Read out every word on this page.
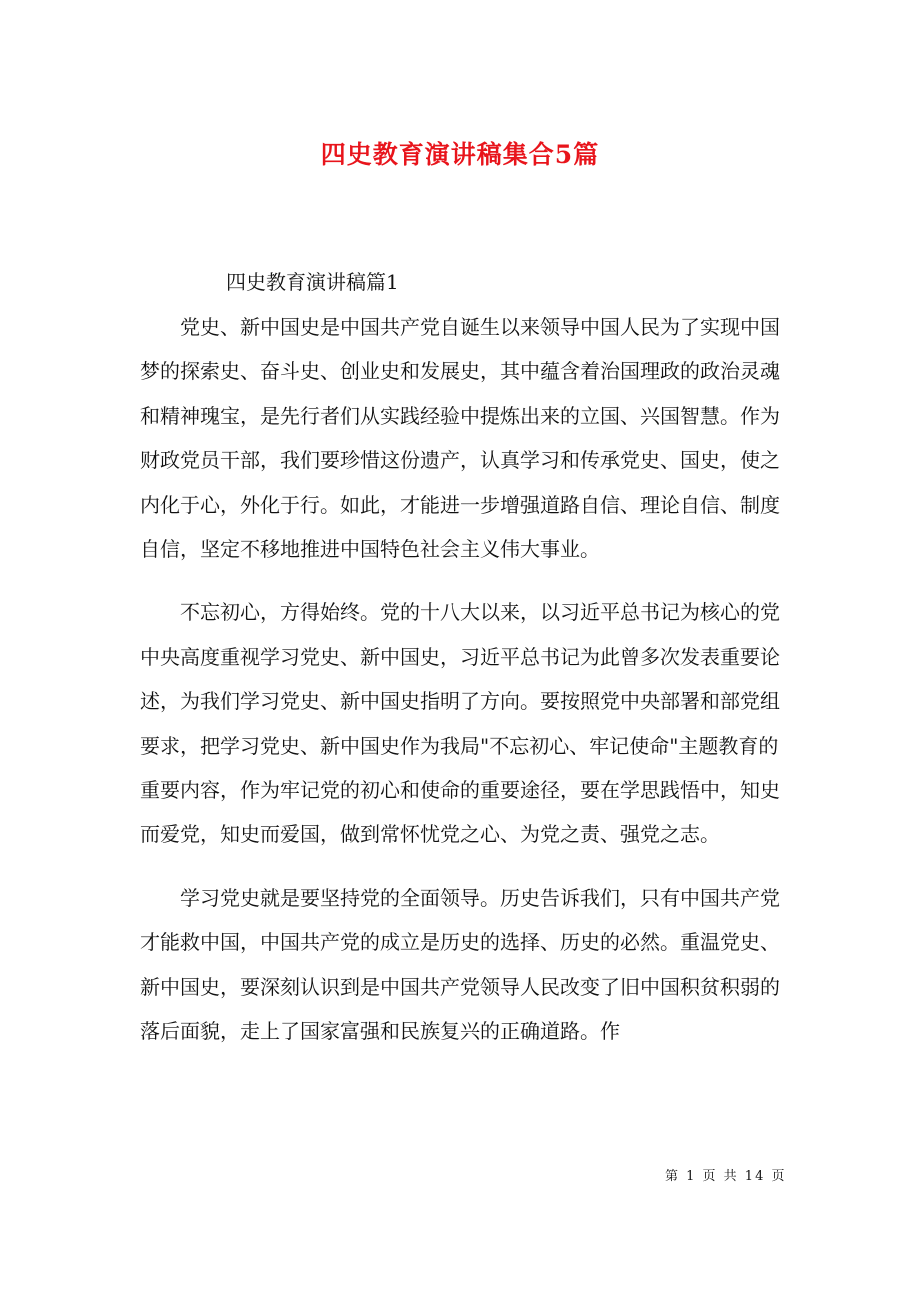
四史教育演讲稿集合5篇
四史教育演讲稿篇1

党史、新中国史是中国共产党自诞生以来领导中国人民为了实现中国梦的探索史、奋斗史、创业史和发展史，其中蕴含着治国理政的政治灵魂和精神瑰宝，是先行者们从实践经验中提炼出来的立国、兴国智慧。作为财政党员干部，我们要珍惜这份遗产，认真学习和传承党史、国史，使之内化于心，外化于行。如此，才能进一步增强道路自信、理论自信、制度自信，坚定不移地推进中国特色社会主义伟大事业。

不忘初心，方得始终。党的十八大以来，以习近平总书记为核心的党中央高度重视学习党史、新中国史，习近平总书记为此曾多次发表重要论述，为我们学习党史、新中国史指明了方向。要按照党中央部署和部党组要求，把学习党史、新中国史作为我局"不忘初心、牢记使命"主题教育的重要内容，作为牢记党的初心和使命的重要途径，要在学思践悟中，知史而爱党，知史而爱国，做到常怀忧党之心、为党之责、强党之志。

学习党史就是要坚持党的全面领导。历史告诉我们，只有中国共产党才能救中国，中国共产党的成立是历史的选择、历史的必然。重温党史、新中国史，要深刻认识到是中国共产党领导人民改变了旧中国积贫积弱的落后面貌，走上了国家富强和民族复兴的正确道路。作

第 1 页 共 14 页
